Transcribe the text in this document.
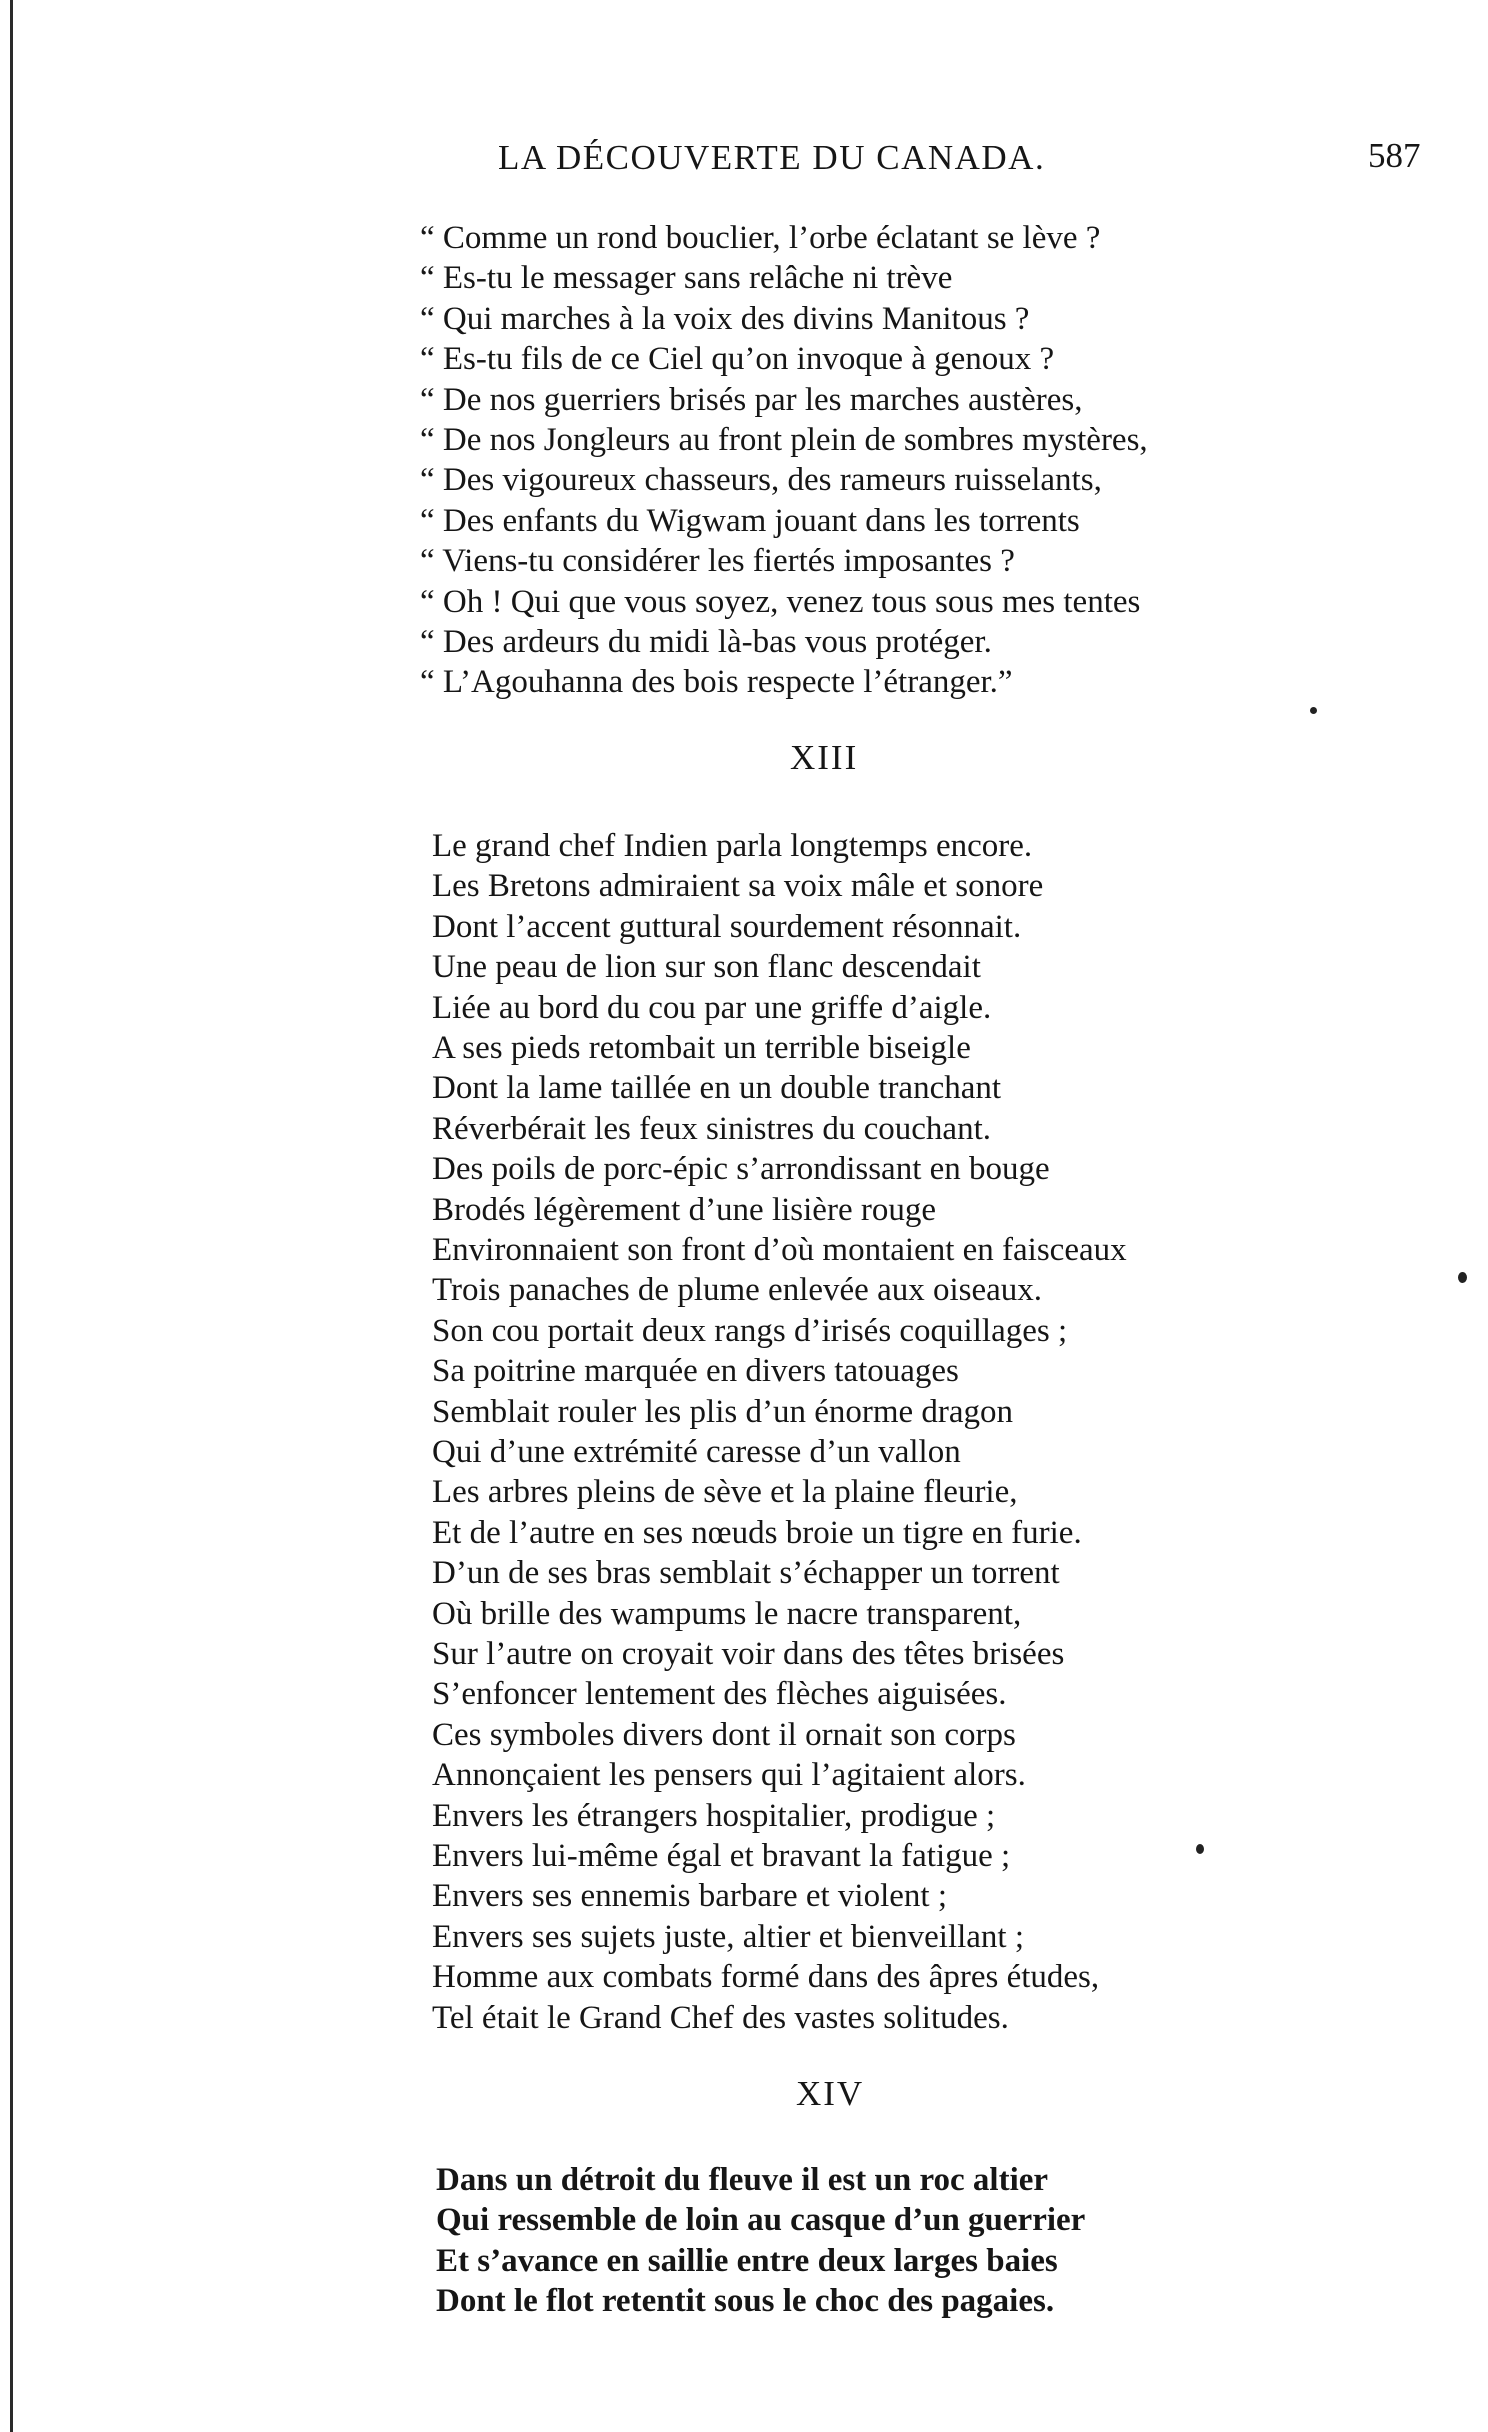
LA DÉCOUVERTE DU CANADA.	587
“ Comme un rond bouclier, l’orbe éclatant se lève ?
“ Es-tu le messager sans relâche ni trève
“ Qui marches à la voix des divins Manitous ?
“ Es-tu fils de ce Ciel qu’on invoque à genoux ?
“ De nos guerriers brisés par les marches austères,
“ De nos Jongleurs au front plein de sombres mystères,
“ Des vigoureux chasseurs, des rameurs ruisselants,
“ Des enfants du Wigwam jouant dans les torrents
“ Viens-tu considérer les fiertés imposantes ?
“ Oh ! Qui que vous soyez, venez tous sous mes tentes
“ Des ardeurs du midi là-bas vous protéger.
“ L’Agouhanna des bois respecte l’étranger.”
XIII
Le grand chef Indien parla longtemps encore.
Les Bretons admiraient sa voix mâle et sonore
Dont l’accent guttural sourdement résonnait.
Une peau de lion sur son flanc descendait
Liée au bord du cou par une griffe d’aigle.
A ses pieds retombait un terrible biseigle
Dont la lame taillée en un double tranchant
Réverbérait les feux sinistres du couchant.
Des poils de porc-épic s’arrondissant en bouge
Brodés légèrement d’une lisière rouge
Environnaient son front d’où montaient en faisceaux
Trois panaches de plume enlevée aux oiseaux.
Son cou portait deux rangs d’irisés coquillages ;
Sa poitrine marquée en divers tatouages
Semblait rouler les plis d’un énorme dragon
Qui d’une extrémité caresse d’un vallon
Les arbres pleins de sève et la plaine fleurie,
Et de l’autre en ses nœuds broie un tigre en furie.
D’un de ses bras semblait s’échapper un torrent
Où brille des wampums le nacre transparent,
Sur l’autre on croyait voir dans des têtes brisées
S’enfoncer lentement des flèches aiguisées.
Ces symboles divers dont il ornait son corps
Annonçaient les pensers qui l’agitaient alors.
Envers les étrangers hospitalier, prodigue ;
Envers lui-même égal et bravant la fatigue ;
Envers ses ennemis barbare et violent ;
Envers ses sujets juste, altier et bienveillant ;
Homme aux combats formé dans des âpres études,
Tel était le Grand Chef des vastes solitudes.
XIV
Dans un détroit du fleuve il est un roc altier
Qui ressemble de loin au casque d’un guerrier
Et s’avance en saillie entre deux larges baies
Dont le flot retentit sous le choc des pagaies.
